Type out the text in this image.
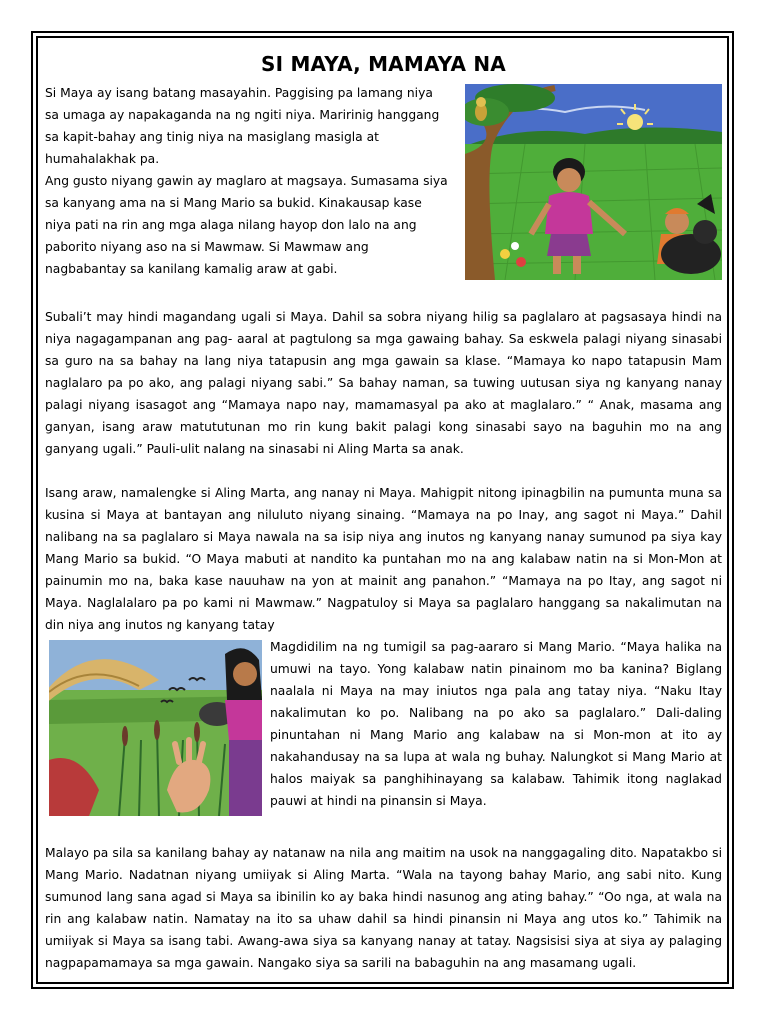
SI MAYA, MAMAYA NA

Si Maya ay isang batang masayahin. Paggising pa lamang niya sa umaga ay napakaganda na ng ngiti niya. Maririnig hanggang sa kapit-bahay ang tinig niya na masiglang masigla at humahalakhak pa.

Ang gusto niyang gawin ay maglaro at magsaya. Sumasama siya sa kanyang ama na si Mang Mario sa bukid. Kinakausap kase niya pati na rin ang mga alaga nilang hayop don lalo na ang paborito niyang aso na si Mawmaw. Si Mawmaw ang nagbabantay sa kanilang kamalig araw at gabi.

Subali’t may hindi magandang ugali si Maya. Dahil sa sobra niyang hilig sa paglalaro at pagsasaya hindi na niya nagagampanan ang pag- aaral at pagtulong sa mga gawaing bahay. Sa eskwela palagi niyang sinasabi sa guro na sa bahay na lang niya tatapusin ang mga gawain sa klase. “Mamaya ko napo tatapusin Mam naglalaro pa po ako, ang palagi niyang sabi.” Sa bahay naman, sa tuwing uutusan siya ng kanyang nanay palagi niyang isasagot ang “Mamaya napo nay, mamamasyal pa ako at maglalaro.” “ Anak, masama ang ganyan, isang araw matututunan mo rin kung bakit palagi kong sinasabi sayo na baguhin mo na ang ganyang ugali.” Pauli-ulit nalang na sinasabi ni Aling Marta sa anak.

Isang araw, namalengke si Aling Marta, ang nanay ni Maya. Mahigpit nitong ipinagbilin na pumunta muna sa kusina si Maya at bantayan ang niluluto niyang sinaing. “Mamaya na po Inay, ang sagot ni Maya.” Dahil nalibang na sa paglalaro si Maya nawala na sa isip niya ang inutos ng kanyang nanay sumunod pa siya kay Mang Mario sa bukid. “O Maya mabuti at nandito ka puntahan mo na ang kalabaw natin na si Mon-Mon at painumin mo na, baka kase nauuhaw na yon at mainit ang panahon.” “Mamaya na po Itay, ang sagot ni Maya. Naglalalaro pa po kami ni Mawmaw.” Nagpatuloy si Maya sa paglalaro hanggang sa nakalimutan na din niya ang inutos ng kanyang tatay

Magdidilim na ng tumigil sa pag-aararo si Mang Mario. “Maya halika na umuwi na tayo. Yong kalabaw natin pinainom mo ba kanina? Biglang naalala ni Maya na may iniutos nga pala ang tatay niya. “Naku Itay nakalimutan ko po. Nalibang na po ako sa paglalaro.” Dali-daling pinuntahan ni Mang Mario ang kalabaw na si Mon-mon at ito ay nakahandusay na sa lupa at wala ng buhay. Nalungkot si Mang Mario at halos maiyak sa panghihinayang sa kalabaw. Tahimik itong naglakad pauwi at hindi na pinansin si Maya.

Malayo pa sila sa kanilang bahay ay natanaw na nila ang maitim na usok na nanggagaling dito. Napatakbo si Mang Mario. Nadatnan niyang umiiyak si Aling Marta. “Wala na tayong bahay Mario, ang sabi nito. Kung sumunod lang sana agad si Maya sa ibinilin ko ay baka hindi nasunog ang ating bahay.” “Oo nga, at wala na rin ang kalabaw natin. Namatay na ito sa uhaw dahil sa hindi pinansin ni Maya ang utos ko.” Tahimik na umiiyak si Maya sa isang tabi. Awang-awa siya sa kanyang nanay at tatay. Nagsisisi siya at siya ay palaging nagpapamamaya sa mga gawain. Nangako siya sa sarili na babaguhin na ang masamang ugali.
